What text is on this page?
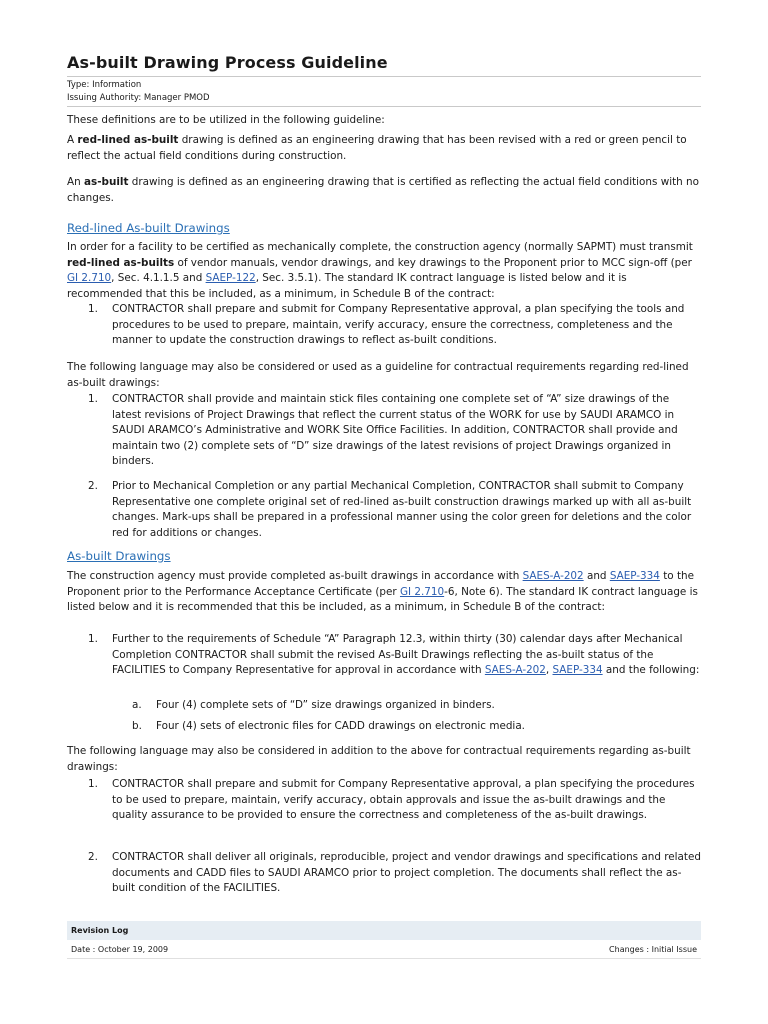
As-built Drawing Process Guideline
Type: Information
Issuing Authority: Manager PMOD

These definitions are to be utilized in the following guideline:

A red-lined as-built drawing is defined as an engineering drawing that has been revised with a red or green pencil to reflect the actual field conditions during construction.

An as-built drawing is defined as an engineering drawing that is certified as reflecting the actual field conditions with no changes.

Red-lined As-built Drawings

In order for a facility to be certified as mechanically complete, the construction agency (normally SAPMT) must transmit red-lined as-builts of vendor manuals, vendor drawings, and key drawings to the Proponent prior to MCC sign-off (per GI 2.710, Sec. 4.1.1.5 and SAEP-122, Sec. 3.5.1). The standard IK contract language is listed below and it is recommended that this be included, as a minimum, in Schedule B of the contract:

1. CONTRACTOR shall prepare and submit for Company Representative approval, a plan specifying the tools and procedures to be used to prepare, maintain, verify accuracy, ensure the correctness, completeness and the manner to update the construction drawings to reflect as-built conditions.

The following language may also be considered or used as a guideline for contractual requirements regarding red-lined as-built drawings:

1. CONTRACTOR shall provide and maintain stick files containing one complete set of “A” size drawings of the latest revisions of Project Drawings that reflect the current status of the WORK for use by SAUDI ARAMCO in SAUDI ARAMCO’s Administrative and WORK Site Office Facilities. In addition, CONTRACTOR shall provide and maintain two (2) complete sets of “D” size drawings of the latest revisions of project Drawings organized in binders.
2. Prior to Mechanical Completion or any partial Mechanical Completion, CONTRACTOR shall submit to Company Representative one complete original set of red-lined as-built construction drawings marked up with all as-built changes. Mark-ups shall be prepared in a professional manner using the color green for deletions and the color red for additions or changes.
As-built Drawings

The construction agency must provide completed as-built drawings in accordance with SAES-A-202 and SAEP-334 to the Proponent prior to the Performance Acceptance Certificate (per GI 2.710-6, Note 6). The standard IK contract language is listed below and it is recommended that this be included, as a minimum, in Schedule B of the contract:

1. Further to the requirements of Schedule “A” Paragraph 12.3, within thirty (30) calendar days after Mechanical Completion CONTRACTOR shall submit the revised As-Built Drawings reflecting the as-built status of the FACILITIES to Company Representative for approval in accordance with SAES-A-202, SAEP-334 and the following:
a. Four (4) complete sets of “D” size drawings organized in binders.
b. Four (4) sets of electronic files for CADD drawings on electronic media.

The following language may also be considered in addition to the above for contractual requirements regarding as-built drawings:

1. CONTRACTOR shall prepare and submit for Company Representative approval, a plan specifying the procedures to be used to prepare, maintain, verify accuracy, obtain approvals and issue the as-built drawings and the quality assurance to be provided to ensure the correctness and completeness of the as-built drawings.
2. CONTRACTOR shall deliver all originals, reproducible, project and vendor drawings and specifications and related documents and CADD files to SAUDI ARAMCO prior to project completion. The documents shall reflect the as-built condition of the FACILITIES.
Revision Log
Date : October 19, 2009	Changes : Initial Issue
